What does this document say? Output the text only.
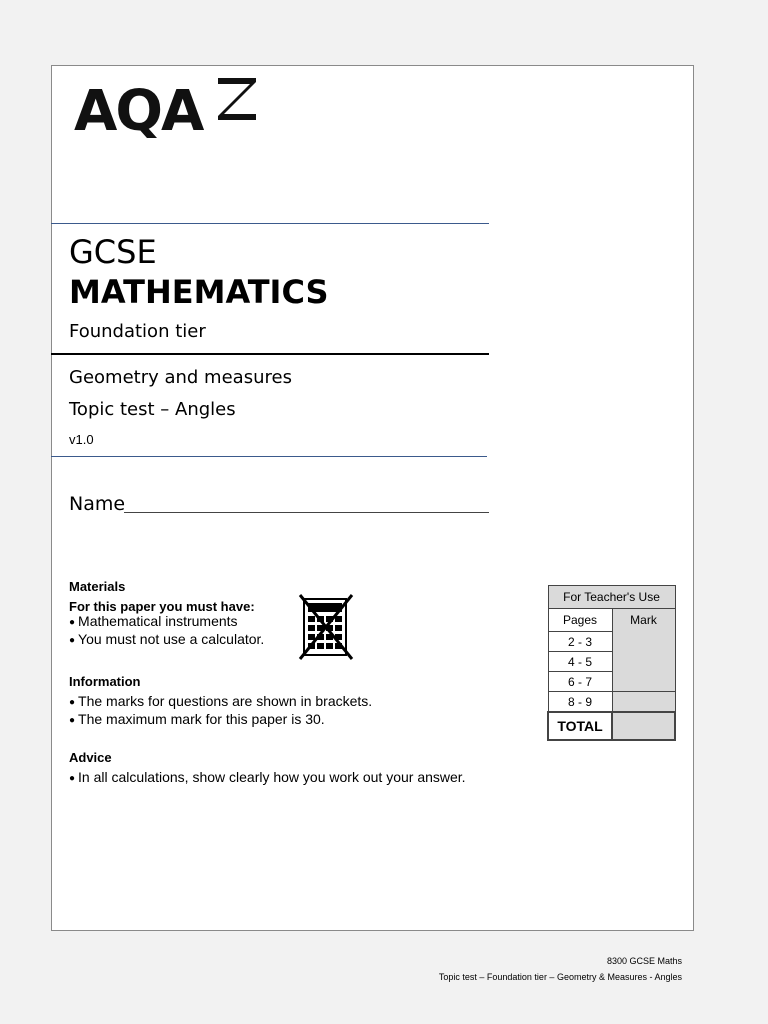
AQA
GCSE
MATHEMATICS
Foundation tier
Geometry and measures
Topic test – Angles
v1.0
Name
Materials
For this paper you must have:
● Mathematical instruments
● You must not use a calculator.
Information
● The marks for questions are shown in brackets.
● The maximum mark for this paper is 30.
Advice
● In all calculations, show clearly how you work out your answer.
For Teacher's Use	
Pages	Mark
2 - 3	
4 - 5	
6 - 7	
8 - 9	
TOTAL	
8300 GCSE Maths
Topic test – Foundation tier – Geometry & Measures - Angles
